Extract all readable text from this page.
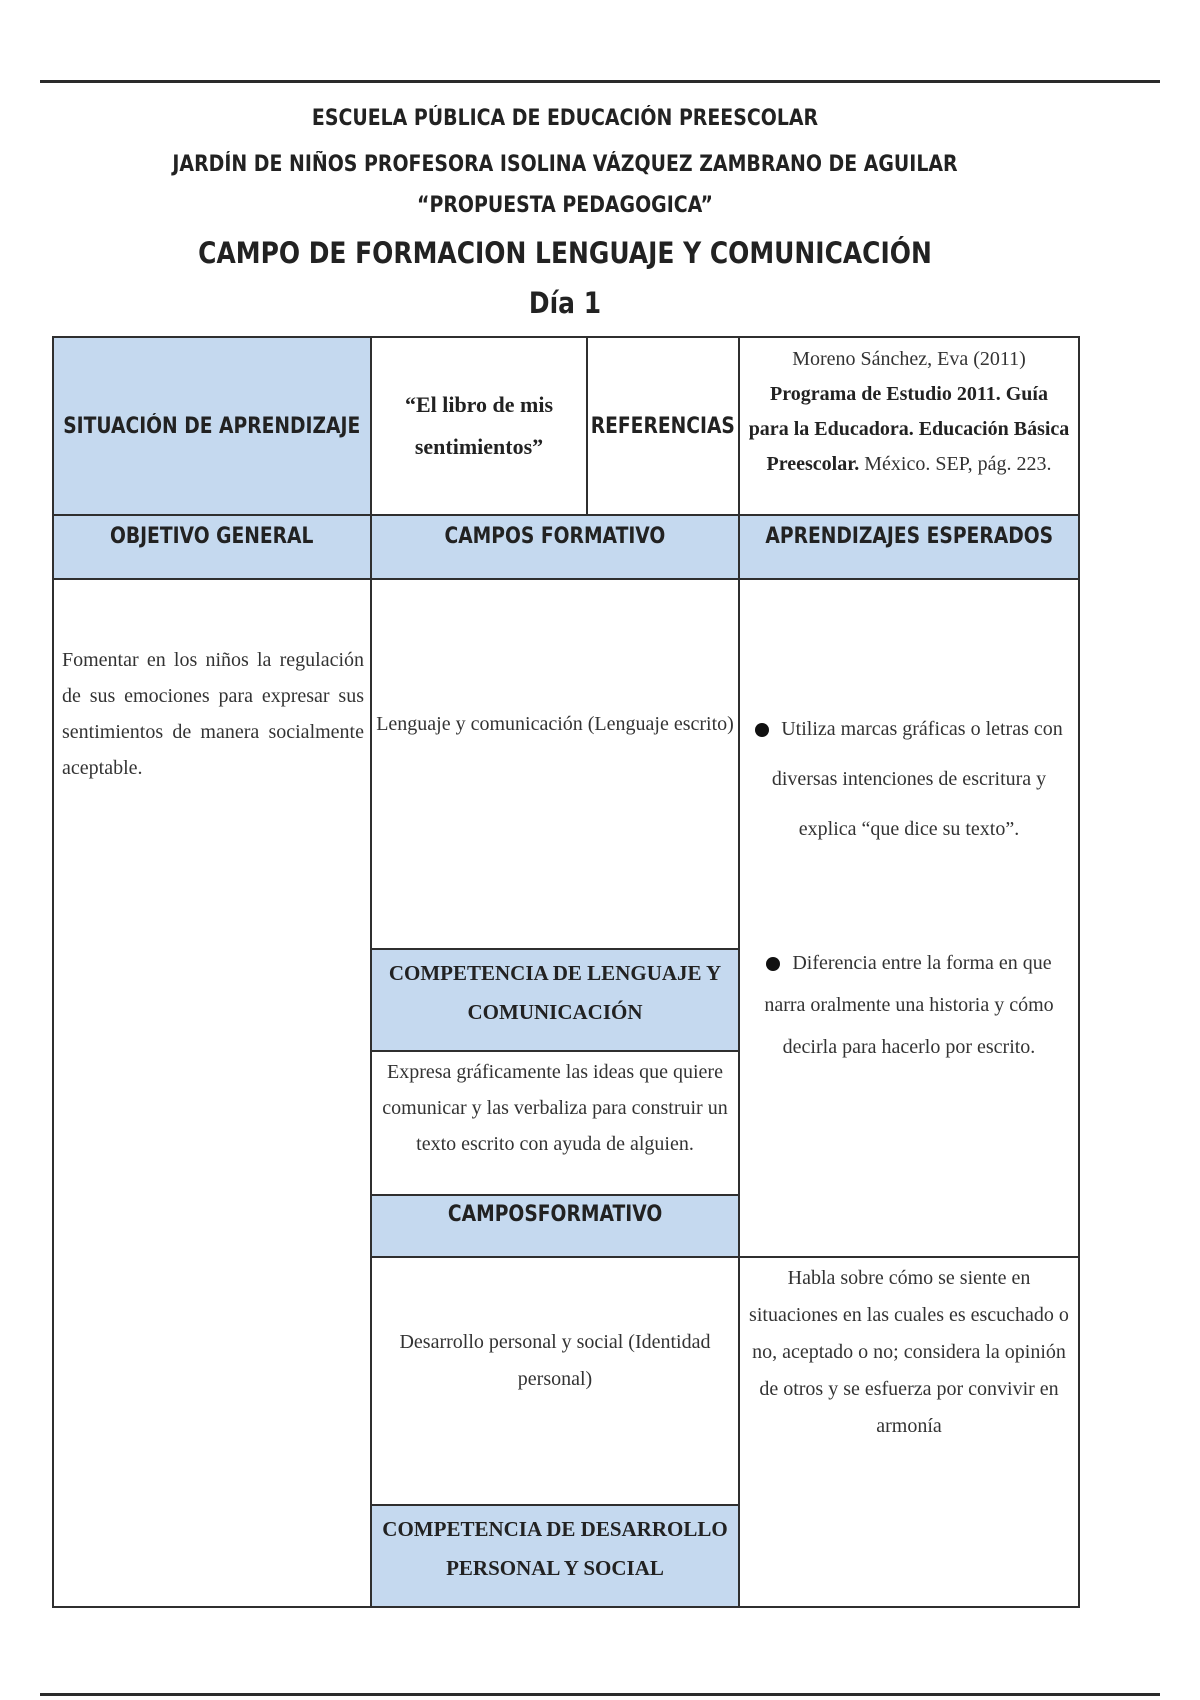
ESCUELA PÚBLICA DE EDUCACIÓN PREESCOLAR
JARDÍN DE NIÑOS PROFESORA ISOLINA VÁZQUEZ ZAMBRANO DE AGUILAR
“PROPUESTA PEDAGOGICA”
CAMPO DE FORMACION LENGUAJE Y COMUNICACIÓN
Día 1
SITUACIÓN DE APRENDIZAJE
“El libro de mis sentimientos”
REFERENCIAS
Moreno Sánchez, Eva (2011) Programa de Estudio 2011. Guía para la Educadora. Educación Básica Preescolar. México. SEP, pág. 223.
OBJETIVO GENERAL	CAMPOS FORMATIVO	APRENDIZAJES ESPERADOS
Fomentar en los niños la regulación de sus emociones para expresar sus sentimientos de manera socialmente aceptable.
Lenguaje y comunicación (Lenguaje escrito)
COMPETENCIA DE LENGUAJE Y COMUNICACIÓN
Expresa gráficamente las ideas que quiere comunicar y las verbaliza para construir un texto escrito con ayuda de alguien.
CAMPOSFORMATIVO
Desarrollo personal y social (Identidad personal)
COMPETENCIA DE DESARROLLO PERSONAL Y SOCIAL
Utiliza marcas gráficas o letras con diversas intenciones de escritura y explica “que dice su texto”.
Diferencia entre la forma en que narra oralmente una historia y cómo decirla para hacerlo por escrito.
Habla sobre cómo se siente en situaciones en las cuales es escuchado o no, aceptado o no; considera la opinión de otros y se esfuerza por convivir en armonía
